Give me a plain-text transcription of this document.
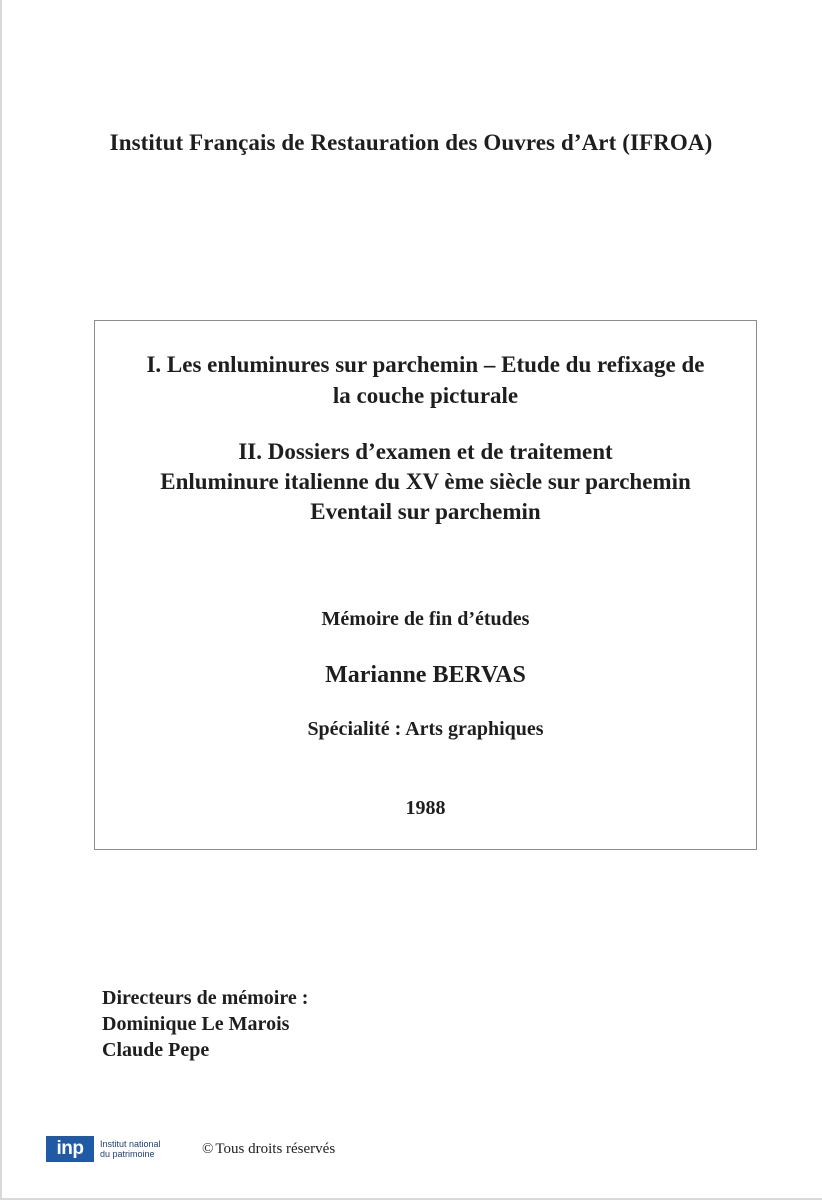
Institut Français de Restauration des Ouvres d’Art (IFROA)
I. Les enluminures sur parchemin – Etude du refixage de
la couche picturale
II. Dossiers d’examen et de traitement
Enluminure italienne du XV ème siècle sur parchemin
Eventail sur parchemin
Mémoire de fin d’études
Marianne BERVAS
Spécialité : Arts graphiques
1988
Directeurs de mémoire :
Dominique Le Marois
Claude Pepe
inp	Institut national
du patrimoine	© Tous droits réservés
